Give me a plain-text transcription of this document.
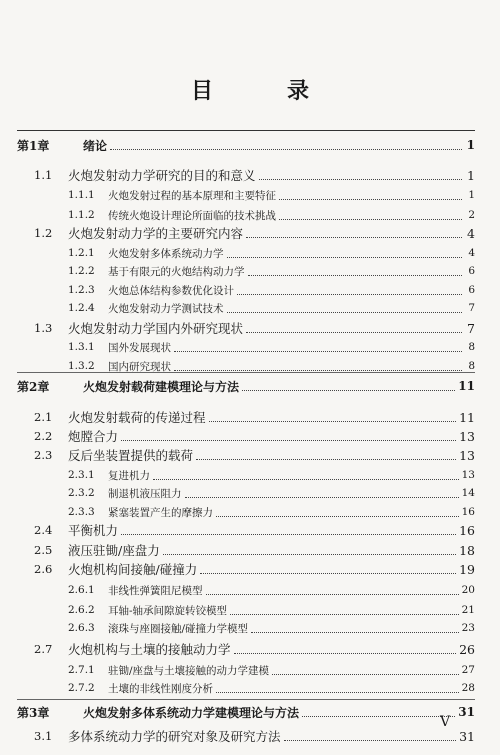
目　录
第1章	绪论	1
1.1	火炮发射动力学研究的目的和意义	1
1.1.1	火炮发射过程的基本原理和主要特征	1
1.1.2	传统火炮设计理论所面临的技术挑战	2
1.2	火炮发射动力学的主要研究内容	4
1.2.1	火炮发射多体系统动力学	4
1.2.2	基于有限元的火炮结构动力学	6
1.2.3	火炮总体结构参数优化设计	6
1.2.4	火炮发射动力学测试技术	7
1.3	火炮发射动力学国内外研究现状	7
1.3.1	国外发展现状	8
1.3.2	国内研究现状	8
第2章	火炮发射载荷建模理论与方法	11
2.1	火炮发射载荷的传递过程	11
2.2	炮膛合力	13
2.3	反后坐装置提供的载荷	13
2.3.1	复进机力	13
2.3.2	制退机液压阻力	14
2.3.3	紧塞装置产生的摩擦力	16
2.4	平衡机力	16
2.5	液压驻锄/座盘力	18
2.6	火炮机构间接触/碰撞力	19
2.6.1	非线性弹簧阻尼模型	20
2.6.2	耳轴-轴承间隙旋转铰模型	21
2.6.3	滚珠与座圈接触/碰撞力学模型	23
2.7	火炮机构与土壤的接触动力学	26
2.7.1	驻锄/座盘与土壤接触的动力学建模	27
2.7.2	土壤的非线性刚度分析	28
第3章	火炮发射多体系统动力学建模理论与方法	31
3.1	多体系统动力学的研究对象及研究方法	31
V
